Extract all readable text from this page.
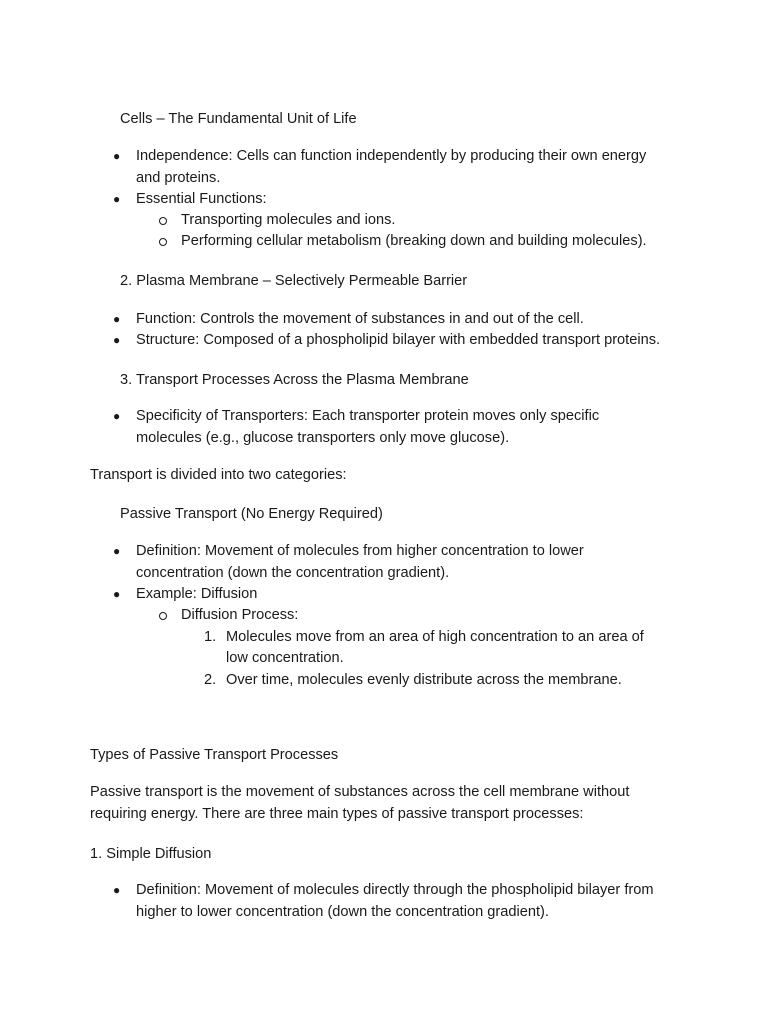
Cells – The Fundamental Unit of Life
● Independence: Cells can function independently by producing their own energy
and proteins.
● Essential Functions:
Transporting molecules and ions.
Performing cellular metabolism (breaking down and building molecules).
2. Plasma Membrane – Selectively Permeable Barrier
● Function: Controls the movement of substances in and out of the cell.
● Structure: Composed of a phospholipid bilayer with embedded transport proteins.
3. Transport Processes Across the Plasma Membrane
● Specificity of Transporters: Each transporter protein moves only specific
molecules (e.g., glucose transporters only move glucose).
Transport is divided into two categories:
Passive Transport (No Energy Required)
● Definition: Movement of molecules from higher concentration to lower
concentration (down the concentration gradient).
● Example: Diffusion
Diffusion Process:
1. Molecules move from an area of high concentration to an area of
low concentration.
2. Over time, molecules evenly distribute across the membrane.
Types of Passive Transport Processes
Passive transport is the movement of substances across the cell membrane without
requiring energy. There are three main types of passive transport processes:
1. Simple Diffusion
● Definition: Movement of molecules directly through the phospholipid bilayer from
higher to lower concentration (down the concentration gradient).
